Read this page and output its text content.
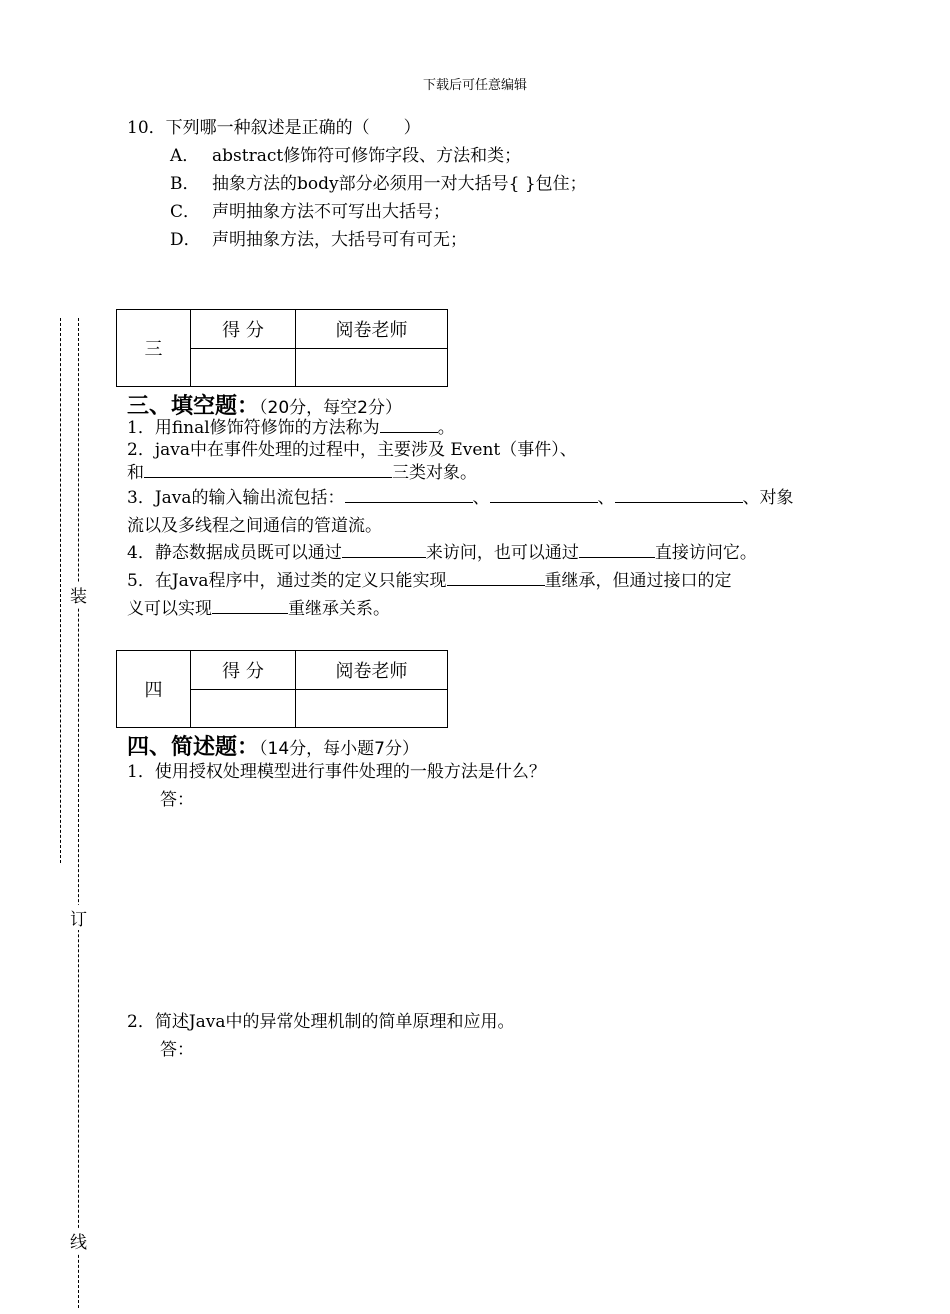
下载后可任意编辑
装
订
线
10．下列哪一种叙述是正确的（　　）
A． abstract修饰符可修饰字段、方法和类；
B． 抽象方法的body部分必须用一对大括号{ }包住；
C． 声明抽象方法不可写出大括号；
D． 声明抽象方法，大括号可有可无；
三	得 分	阅卷老师

三、填空题：（20分，每空2分）
1．用final修饰符修饰的方法称为	。
2．java中在事件处理的过程中，主要涉及 Event（事件）、
和	三类对象。
3．Java的输入输出流包括：	、	、	、对象
流以及多线程之间通信的管道流。
4．静态数据成员既可以通过	来访问，也可以通过	直接访问它。
5．在Java程序中，通过类的定义只能实现	重继承，但通过接口的定
义可以实现	重继承关系。
四	得 分	阅卷老师

四、简述题：（14分，每小题7分）
1．使用授权处理模型进行事件处理的一般方法是什么？
答：
2．简述Java中的异常处理机制的简单原理和应用。
答：
